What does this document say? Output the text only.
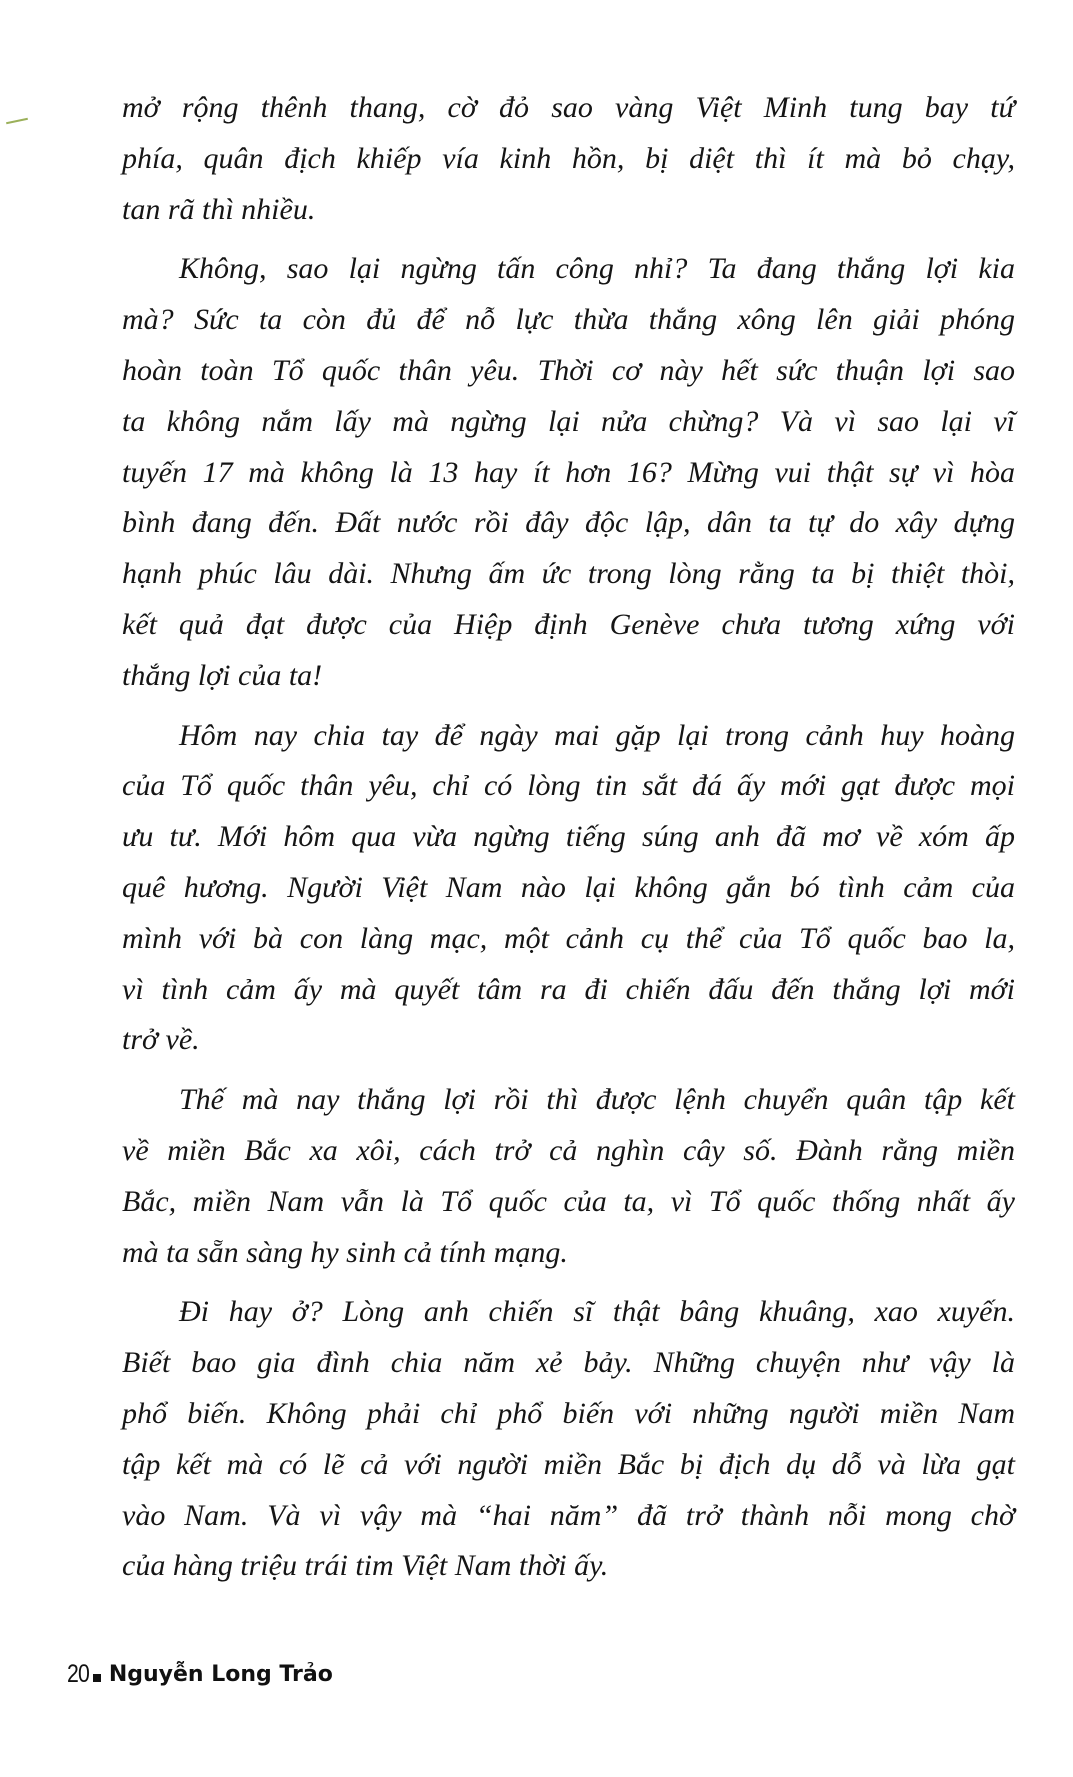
mở rộng thênh thang, cờ đỏ sao vàng Việt Minh tung bay tứ
phía, quân địch khiếp vía kinh hồn, bị diệt thì ít mà bỏ chạy,
tan rã thì nhiều.
Không, sao lại ngừng tấn công nhỉ? Ta đang thắng lợi kia
mà? Sức ta còn đủ để nỗ lực thừa thắng xông lên giải phóng
hoàn toàn Tổ quốc thân yêu. Thời cơ này hết sức thuận lợi sao
ta không nắm lấy mà ngừng lại nửa chừng? Và vì sao lại vĩ
tuyến 17 mà không là 13 hay ít hơn 16? Mừng vui thật sự vì hòa
bình đang đến. Đất nước rồi đây độc lập, dân ta tự do xây dựng
hạnh phúc lâu dài. Nhưng ấm ức trong lòng rằng ta bị thiệt thòi,
kết quả đạt được của Hiệp định Genève chưa tương xứng với
thắng lợi của ta!
Hôm nay chia tay để ngày mai gặp lại trong cảnh huy hoàng
của Tổ quốc thân yêu, chỉ có lòng tin sắt đá ấy mới gạt được mọi
ưu tư. Mới hôm qua vừa ngừng tiếng súng anh đã mơ về xóm ấp
quê hương. Người Việt Nam nào lại không gắn bó tình cảm của
mình với bà con làng mạc, một cảnh cụ thể của Tổ quốc bao la,
vì tình cảm ấy mà quyết tâm ra đi chiến đấu đến thắng lợi mới
trở về.
Thế mà nay thắng lợi rồi thì được lệnh chuyển quân tập kết
về miền Bắc xa xôi, cách trở cả nghìn cây số. Đành rằng miền
Bắc, miền Nam vẫn là Tổ quốc của ta, vì Tổ quốc thống nhất ấy
mà ta sẵn sàng hy sinh cả tính mạng.
Đi hay ở? Lòng anh chiến sĩ thật bâng khuâng, xao xuyến.
Biết bao gia đình chia năm xẻ bảy. Những chuyện như vậy là
phổ biến. Không phải chỉ phổ biến với những người miền Nam
tập kết mà có lẽ cả với người miền Bắc bị địch dụ dỗ và lừa gạt
vào Nam. Và vì vậy mà “hai năm” đã trở thành nỗi mong chờ
của hàng triệu trái tim Việt Nam thời ấy.
20 Nguyễn Long Trảo
